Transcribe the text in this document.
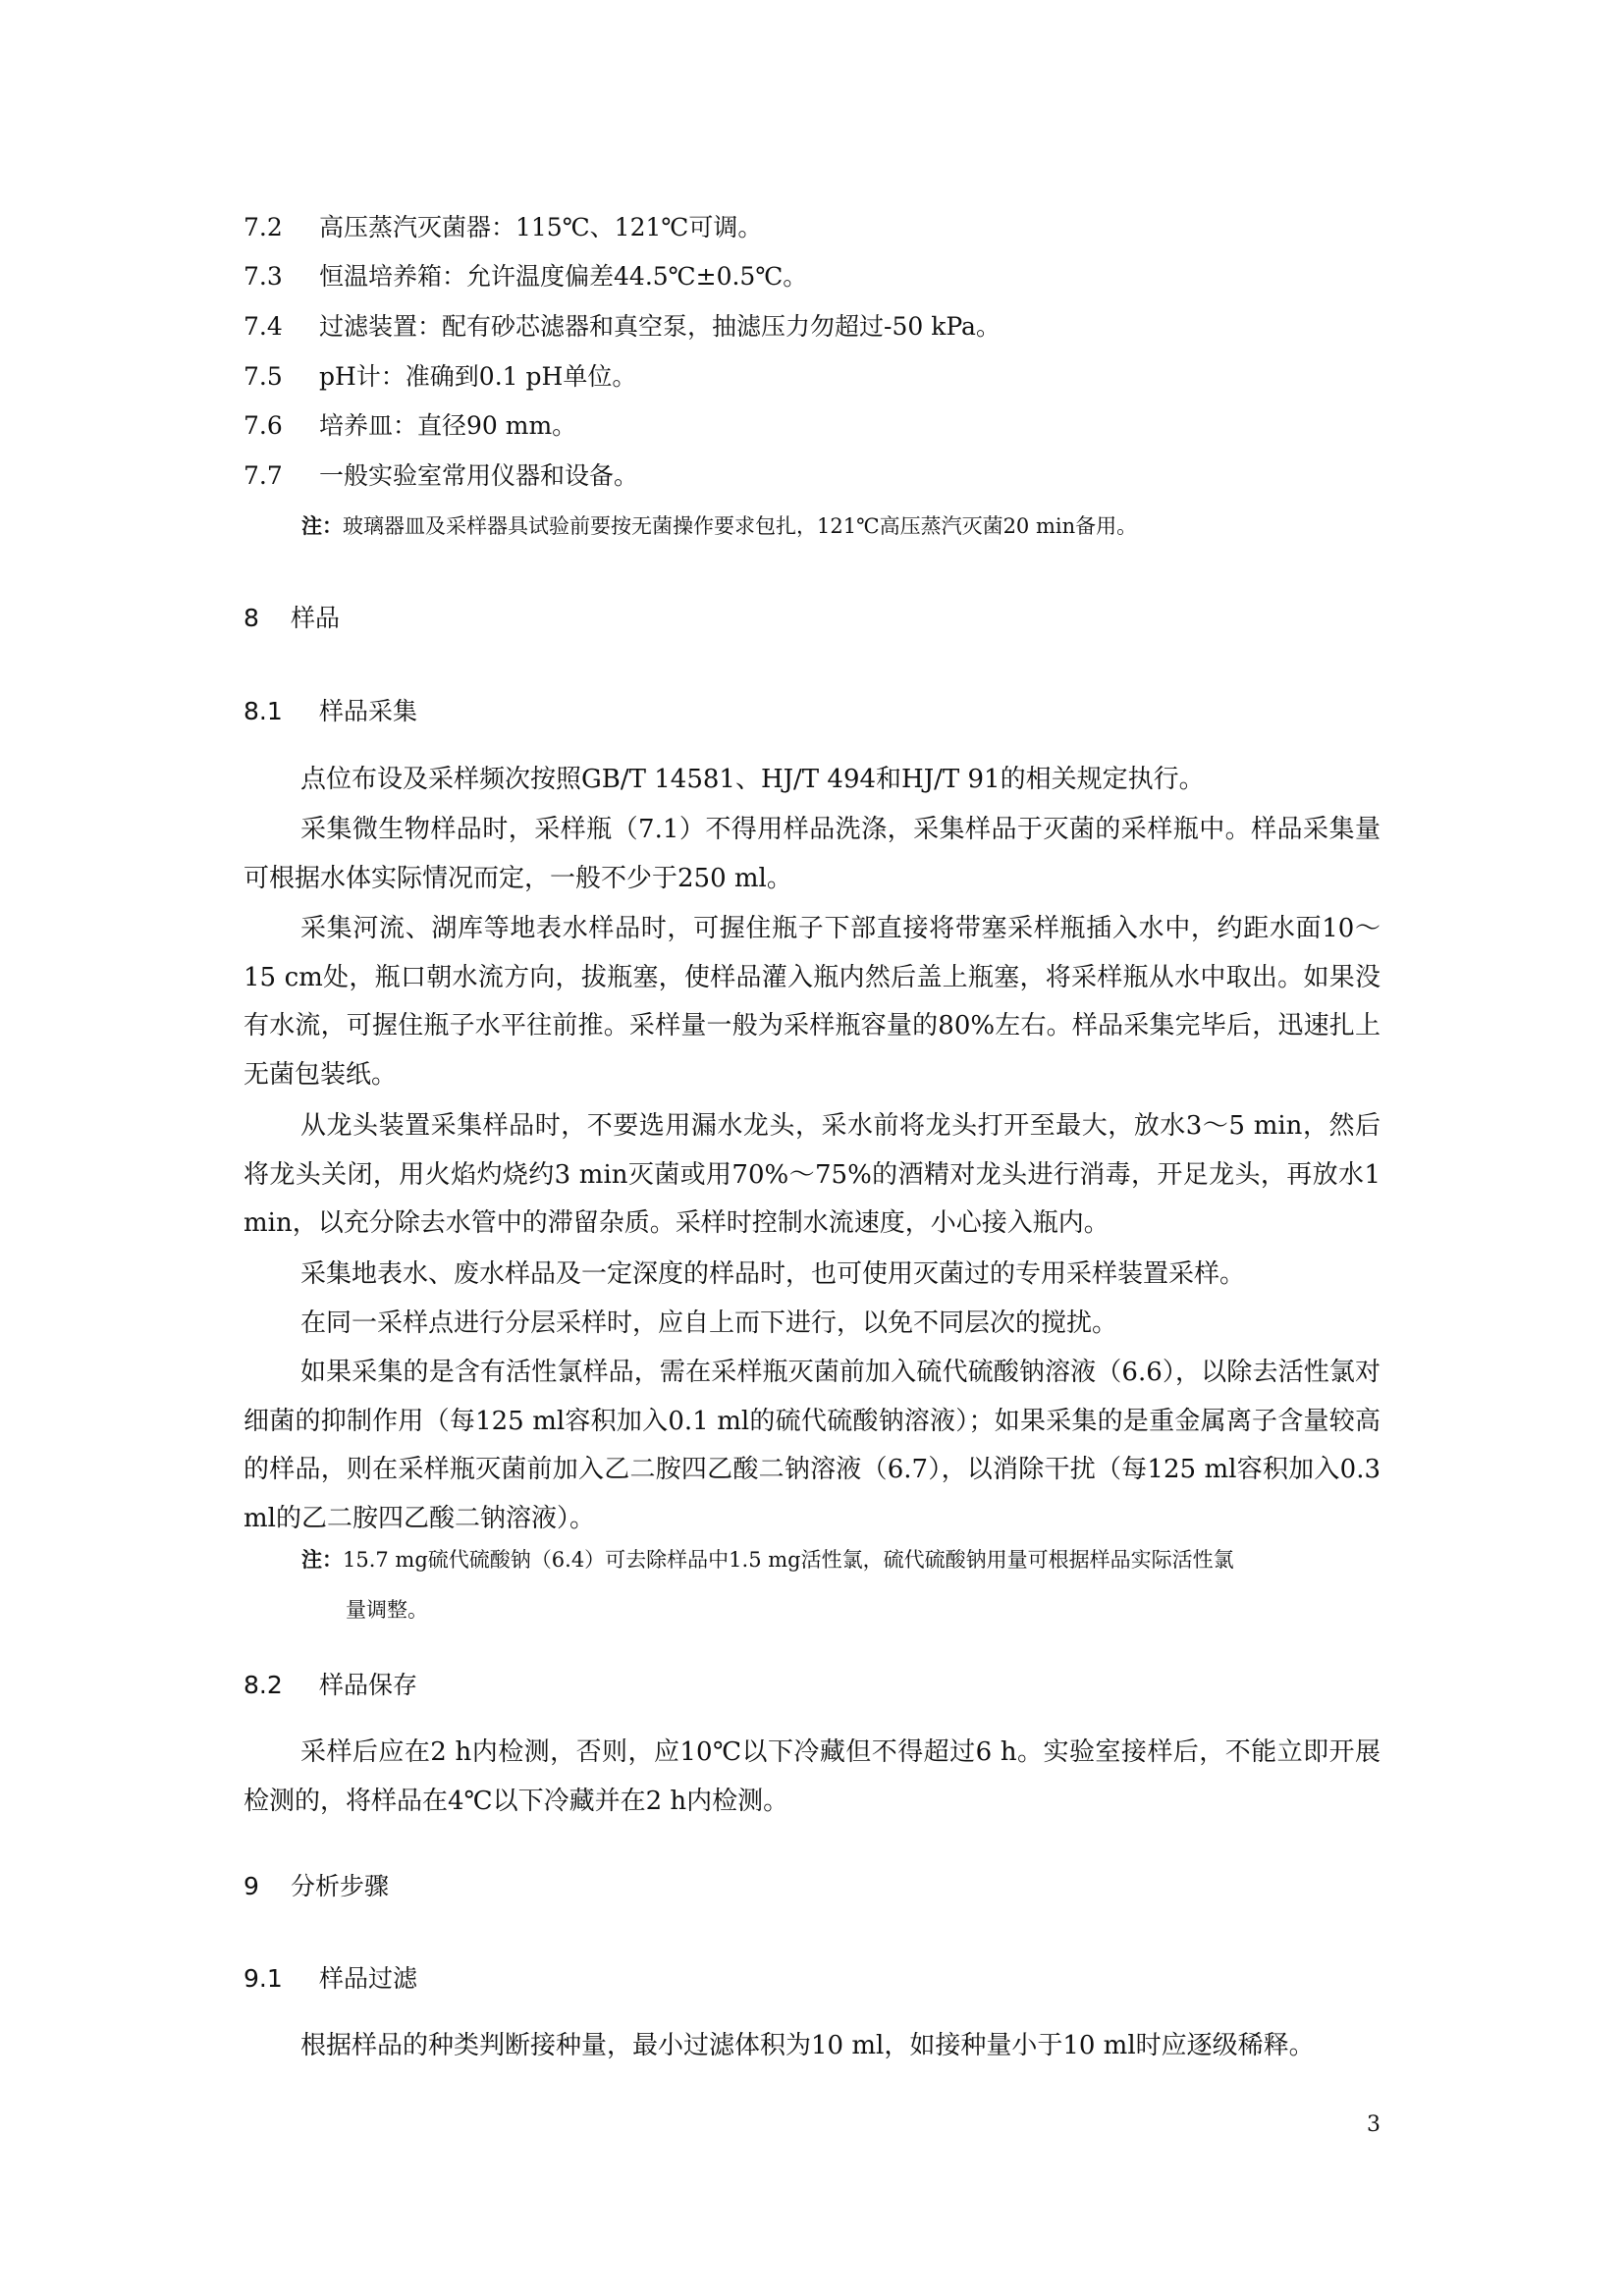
7.2 高压蒸汽灭菌器：115℃、121℃可调。
7.3 恒温培养箱：允许温度偏差44.5℃±0.5℃。
7.4 过滤装置：配有砂芯滤器和真空泵，抽滤压力勿超过-50 kPa。
7.5 pH计：准确到0.1 pH单位。
7.6 培养皿：直径90 mm。
7.7 一般实验室常用仪器和设备。
注：玻璃器皿及采样器具试验前要按无菌操作要求包扎，121℃高压蒸汽灭菌20 min备用。
8 样品
8.1 样品采集

点位布设及采样频次按照GB/T 14581、HJ/T 494和HJ/T 91的相关规定执行。

采集微生物样品时，采样瓶（7.1）不得用样品洗涤，采集样品于灭菌的采样瓶中。样品采集量可根据水体实际情况而定，一般不少于250 ml。

采集河流、湖库等地表水样品时，可握住瓶子下部直接将带塞采样瓶插入水中，约距水面10～15 cm处，瓶口朝水流方向，拔瓶塞，使样品灌入瓶内然后盖上瓶塞，将采样瓶从水中取出。如果没有水流，可握住瓶子水平往前推。采样量一般为采样瓶容量的80%左右。样品采集完毕后，迅速扎上无菌包装纸。

从龙头装置采集样品时，不要选用漏水龙头，采水前将龙头打开至最大，放水3～5 min，然后将龙头关闭，用火焰灼烧约3 min灭菌或用70%～75%的酒精对龙头进行消毒，开足龙头，再放水1 min，以充分除去水管中的滞留杂质。采样时控制水流速度，小心接入瓶内。

采集地表水、废水样品及一定深度的样品时，也可使用灭菌过的专用采样装置采样。

在同一采样点进行分层采样时，应自上而下进行，以免不同层次的搅扰。

如果采集的是含有活性氯样品，需在采样瓶灭菌前加入硫代硫酸钠溶液（6.6），以除去活性氯对细菌的抑制作用（每125 ml容积加入0.1 ml的硫代硫酸钠溶液）；如果采集的是重金属离子含量较高的样品，则在采样瓶灭菌前加入乙二胺四乙酸二钠溶液（6.7），以消除干扰（每125 ml容积加入0.3 ml的乙二胺四乙酸二钠溶液）。

注：15.7 mg硫代硫酸钠（6.4）可去除样品中1.5 mg活性氯，硫代硫酸钠用量可根据样品实际活性氯
量调整。
8.2 样品保存

采样后应在2 h内检测，否则，应10℃以下冷藏但不得超过6 h。实验室接样后，不能立即开展检测的，将样品在4℃以下冷藏并在2 h内检测。

9 分析步骤
9.1 样品过滤

根据样品的种类判断接种量，最小过滤体积为10 ml，如接种量小于10 ml时应逐级稀释。

3
